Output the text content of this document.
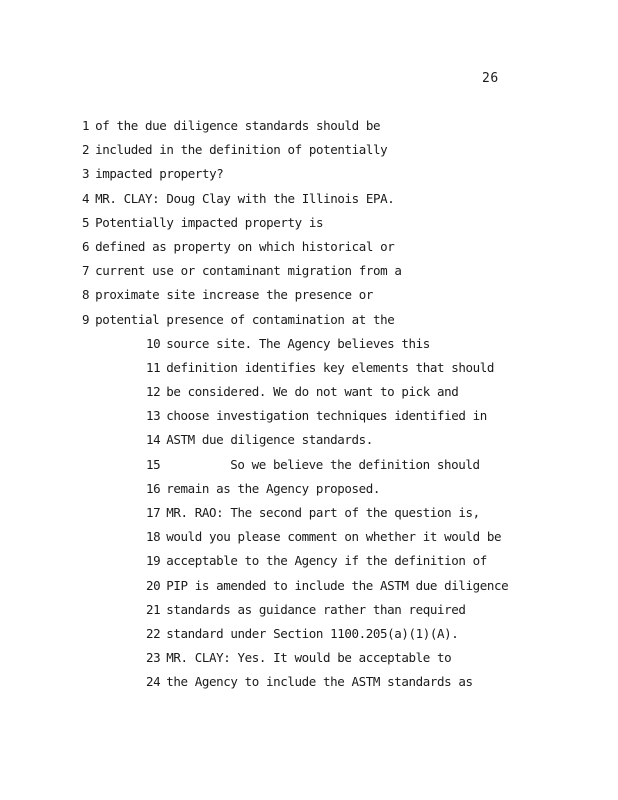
26
1 of the due diligence standards should be
2 included in the definition of potentially
3 impacted property?
4 MR. CLAY: Doug Clay with the Illinois EPA.
5 Potentially impacted property is
6 defined as property on which historical or
7 current use or contaminant migration from a
8 proximate site increase the presence or
9 potential presence of contamination at the
10 source site. The Agency believes this
11 definition identifies key elements that should
12 be considered. We do not want to pick and
13 choose investigation techniques identified in
14 ASTM due diligence standards.
15	So we believe the definition should
16 remain as the Agency proposed.
17 MR. RAO: The second part of the question is,
18 would you please comment on whether it would be
19 acceptable to the Agency if the definition of
20 PIP is amended to include the ASTM due diligence
21 standards as guidance rather than required
22 standard under Section 1100.205(a)(1)(A).
23 MR. CLAY: Yes. It would be acceptable to
24 the Agency to include the ASTM standards as
